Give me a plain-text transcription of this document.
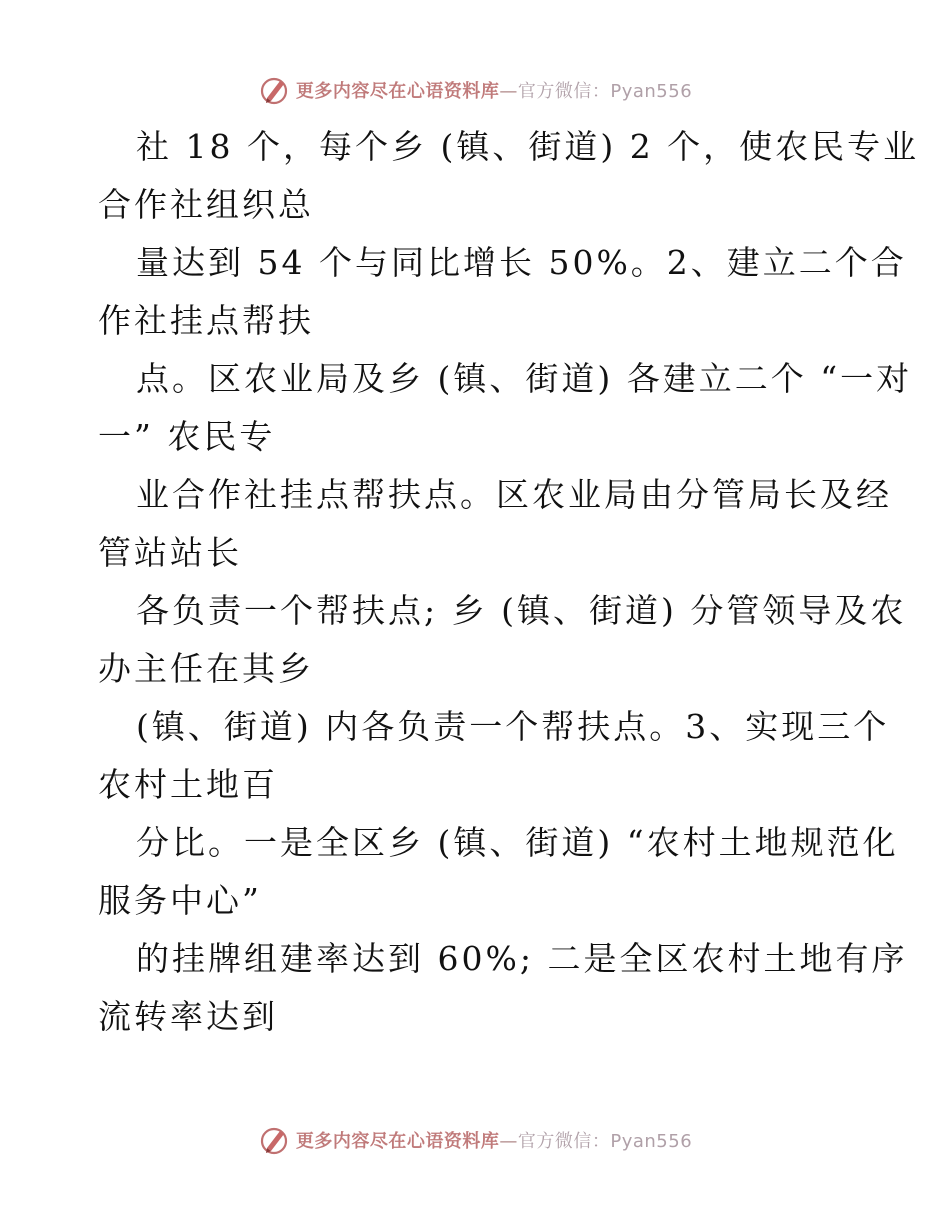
更多内容尽在心语资料库—官方微信：Pyan556
社 18 个，每个乡 (镇、街道) 2 个，使农民专业
合作社组织总
量达到 54 个与同比增长 50%。2、建立二个合
作社挂点帮扶
点。区农业局及乡 (镇、街道) 各建立二个 “一对
一” 农民专
业合作社挂点帮扶点。区农业局由分管局长及经
管站站长
各负责一个帮扶点; 乡 (镇、街道) 分管领导及农
办主任在其乡
(镇、街道) 内各负责一个帮扶点。3、实现三个
农村土地百
分比。一是全区乡 (镇、街道) “农村土地规范化
服务中心”
的挂牌组建率达到 60%; 二是全区农村土地有序
流转率达到
更多内容尽在心语资料库—官方微信：Pyan556
